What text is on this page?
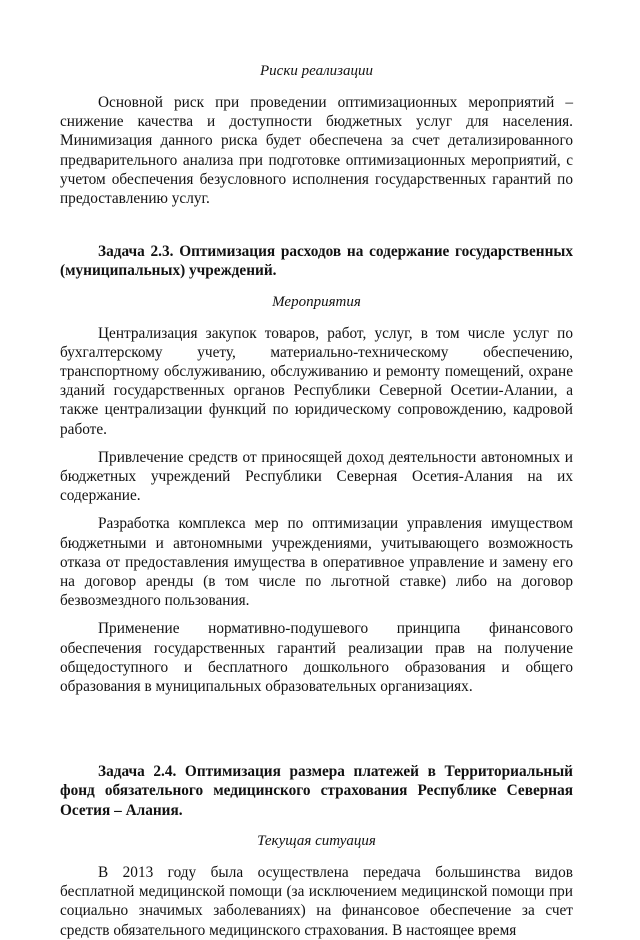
Риски реализации

Основной риск при проведении оптимизационных мероприятий – снижение качества и доступности бюджетных услуг для населения. Минимизация данного риска будет обеспечена за счет детализированного предварительного анализа при подготовке оптимизационных мероприятий, с учетом обеспечения безусловного исполнения государственных гарантий по предоставлению услуг.

Задача 2.3. Оптимизация расходов на содержание государственных (муниципальных) учреждений.

Мероприятия

Централизация закупок товаров, работ, услуг, в том числе услуг по бухгалтерскому учету, материально-техническому обеспечению, транспортному обслуживанию, обслуживанию и ремонту помещений, охране зданий государственных органов Республики Северной Осетии-Алании, а также централизации функций по юридическому сопровождению, кадровой работе.

Привлечение средств от приносящей доход деятельности автономных и бюджетных учреждений Республики Северная Осетия-Алания на их содержание.

Разработка комплекса мер по оптимизации управления имуществом бюджетными и автономными учреждениями, учитывающего возможность отказа от предоставления имущества в оперативное управление и замену его на договор аренды (в том числе по льготной ставке) либо на договор безвозмездного пользования.

Применение нормативно-подушевого принципа финансового обеспечения государственных гарантий реализации прав на получение общедоступного и бесплатного дошкольного образования и общего образования в муниципальных образовательных организациях.

Задача 2.4. Оптимизация размера платежей в Территориальный фонд обязательного медицинского страхования Республике Северная Осетия – Алания.

Текущая ситуация

В 2013 году была осуществлена передача большинства видов бесплатной медицинской помощи (за исключением медицинской помощи при социально значимых заболеваниях) на финансовое обеспечение за счет средств обязательного медицинского страхования. В настоящее время
